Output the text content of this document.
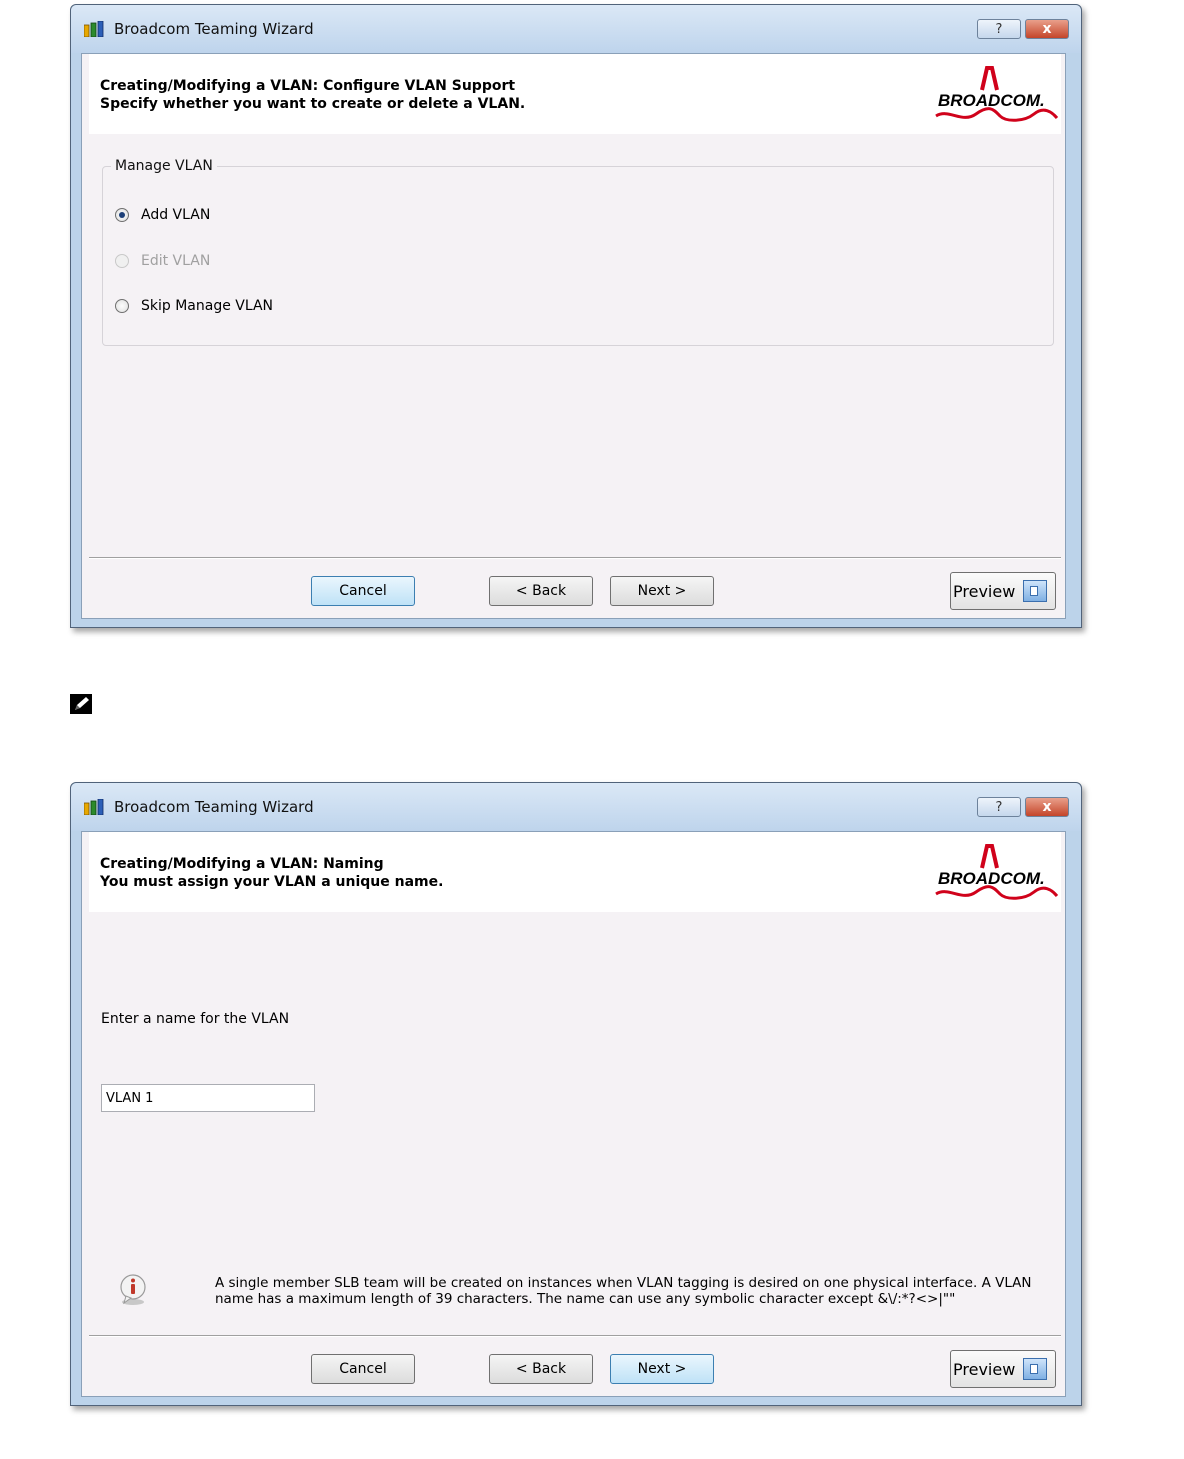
Broadcom Teaming Wizard	?	x
Creating/Modifying a VLAN: Configure VLAN Support
Specify whether you want to create or delete a VLAN.	BROADCOM.
Manage VLAN
Add VLAN
Edit VLAN
Skip Manage VLAN
Cancel	< Back	Next >	Preview
Broadcom Teaming Wizard	?	x
Creating/Modifying a VLAN: Naming
You must assign your VLAN a unique name.	BROADCOM.
Enter a name for the VLAN
VLAN 1
A single member SLB team will be created on instances when VLAN tagging is desired on one physical interface. A VLAN
name has a maximum length of 39 characters. The name can use any symbolic character except &\/:*?<>|""
Cancel	< Back	Next >	Preview
